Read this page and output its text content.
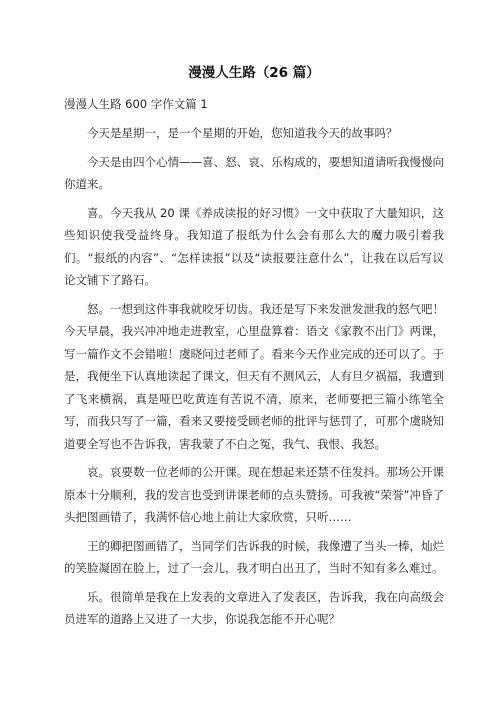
漫漫人生路（26 篇）
漫漫人生路 600 字作文篇 1

今天是星期一，是一个星期的开始，您知道我今天的故事吗？

今天是由四个心情——喜、怒、哀、乐构成的，要想知道请听我慢慢向你道来。

喜。今天我从 20 课《养成读报的好习惯》一文中获取了大量知识，这些知识使我受益终身。我知道了报纸为什么会有那么大的魔力吸引着我们。“报纸的内容”、“怎样读报”以及“读报要注意什么”，让我在以后写议论文铺下了路石。

怒。一想到这件事我就咬牙切齿。我还是写下来发泄发泄我的怒气吧！今天早晨，我兴冲冲地走进教室，心里盘算着：语文《家教不出门》两课，写一篇作文不会错啦！虞晓问过老师了。看来今天作业完成的还可以了。于是，我便坐下认真地读起了课文，但天有不测风云，人有旦夕祸福，我遭到了飞来横祸，真是哑巴吃黄连有苦说不清，原来，老师要把三篇小练笔全写，而我只写了一篇，看来又要接受顾老师的批评与惩罚了，可那个虞晓知道要全写也不告诉我，害我蒙了不白之冤，我气、我恨、我怒。

哀。哀要数一位老师的公开课。现在想起来还禁不住发抖。那场公开课原本十分顺利，我的发言也受到讲课老师的点头赞扬。可我被“荣誉”冲昏了头把图画错了，我满怀信心地上前让大家欣赏，只听……

王的卿把图画错了，当同学们告诉我的时候，我像遭了当头一棒，灿烂的笑脸凝固在脸上，过了一会儿，我才明白出丑了，当时不知有多么难过。

乐。很简单是我在上发表的文章进入了发表区，告诉我，我在向高级会员进军的道路上又进了一大步，你说我怎能不开心呢？
